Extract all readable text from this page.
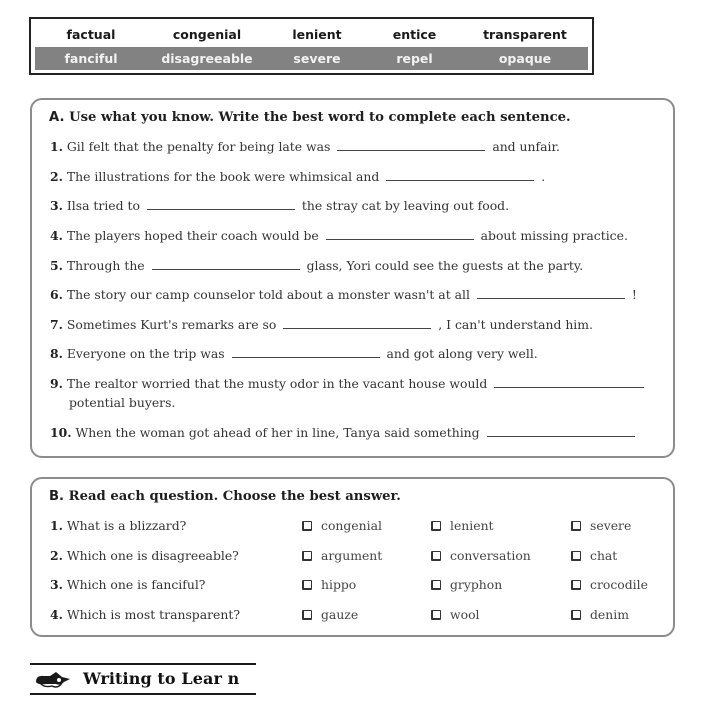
factual	congenial	lenient	entice	transparent
fanciful	disagreeable	severe	repel	opaque
A. Use what you know. Write the best word to complete each sentence.
1. Gil felt that the penalty for being late was	and unfair.
2. The illustrations for the book were whimsical and	.
3. Ilsa tried to	the stray cat by leaving out food.
4. The players hoped their coach would be	about missing practice.
5. Through the	glass, Yori could see the guests at the party.
6. The story our camp counselor told about a monster wasn't at all	!
7. Sometimes Kurt's remarks are so	, I can't understand him.
8. Everyone on the trip was	and got along very well.
9. The realtor worried that the musty odor in the vacant house would
potential buyers.
10. When the woman got ahead of her in line, Tanya said something
B. Read each question. Choose the best answer.
1. What is a blizzard?	congenial	lenient	severe
2. Which one is disagreeable?	argument	conversation	chat
3. Which one is fanciful?	hippo	gryphon	crocodile
4. Which is most transparent?	gauze	wool	denim
Writing to Lear n
